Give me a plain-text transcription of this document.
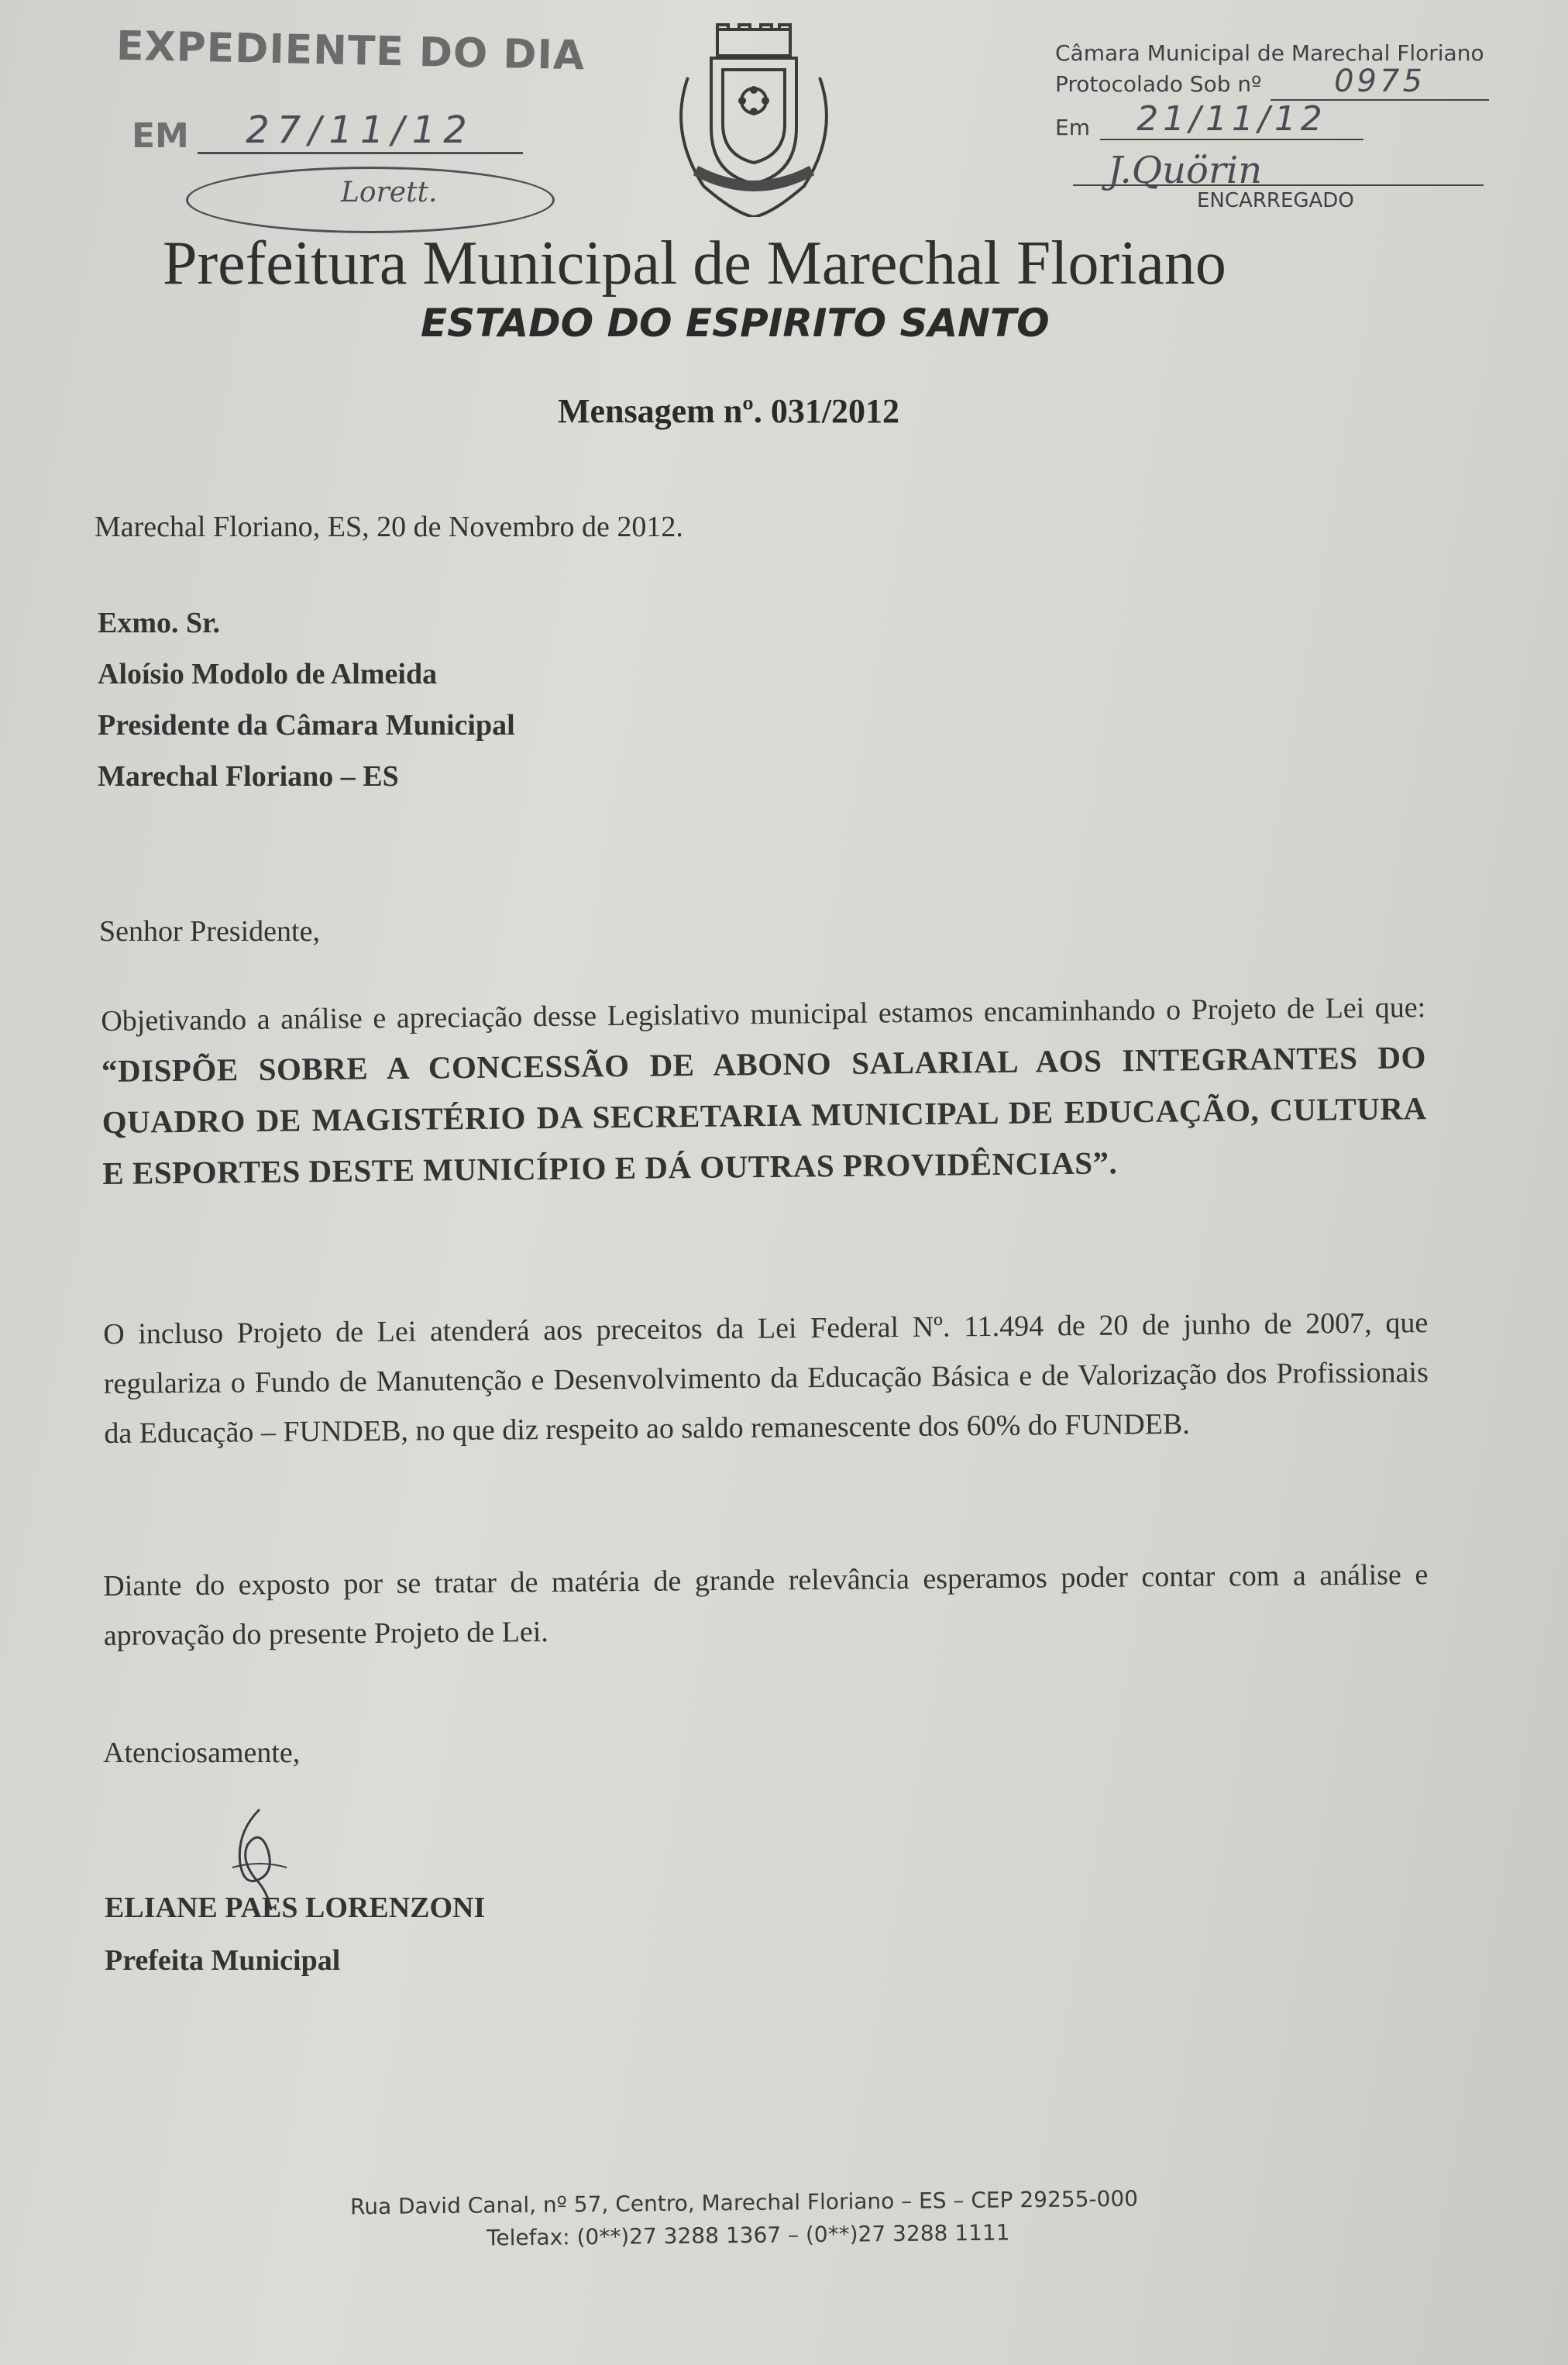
EXPEDIENTE DO DIA
EM	27/11/12
Lorett.
Câmara Municipal de Marechal Floriano
Protocolado Sob nº	0975
Em	21/11/12
J.Quörin
ENCARREGADO
Prefeitura Municipal de Marechal Floriano
ESTADO DO ESPIRITO SANTO
Mensagem nº. 031/2012
Marechal Floriano, ES, 20 de Novembro de 2012.
Exmo. Sr.
Aloísio Modolo de Almeida
Presidente da Câmara Municipal
Marechal Floriano – ES
Senhor Presidente,
Objetivando a análise e apreciação desse Legislativo municipal estamos encaminhando o Projeto de Lei que: “DISPÕE SOBRE A CONCESSÃO DE ABONO SALARIAL AOS INTEGRANTES DO QUADRO DE MAGISTÉRIO DA SECRETARIA MUNICIPAL DE EDUCAÇÃO, CULTURA E ESPORTES DESTE MUNICÍPIO E DÁ OUTRAS PROVIDÊNCIAS”.
O incluso Projeto de Lei atenderá aos preceitos da Lei Federal Nº. 11.494 de 20 de junho de 2007, que regulariza o Fundo de Manutenção e Desenvolvimento da Educação Básica e de Valorização dos Profissionais da Educação – FUNDEB, no que diz respeito ao saldo remanescente dos 60% do FUNDEB.
Diante do exposto por se tratar de matéria de grande relevância esperamos poder contar com a análise e aprovação do presente Projeto de Lei.
Atenciosamente,
ELIANE PAES LORENZONI
Prefeita Municipal
Rua David Canal, nº 57, Centro, Marechal Floriano – ES – CEP 29255-000
Telefax: (0**)27 3288 1367 – (0**)27 3288 1111
